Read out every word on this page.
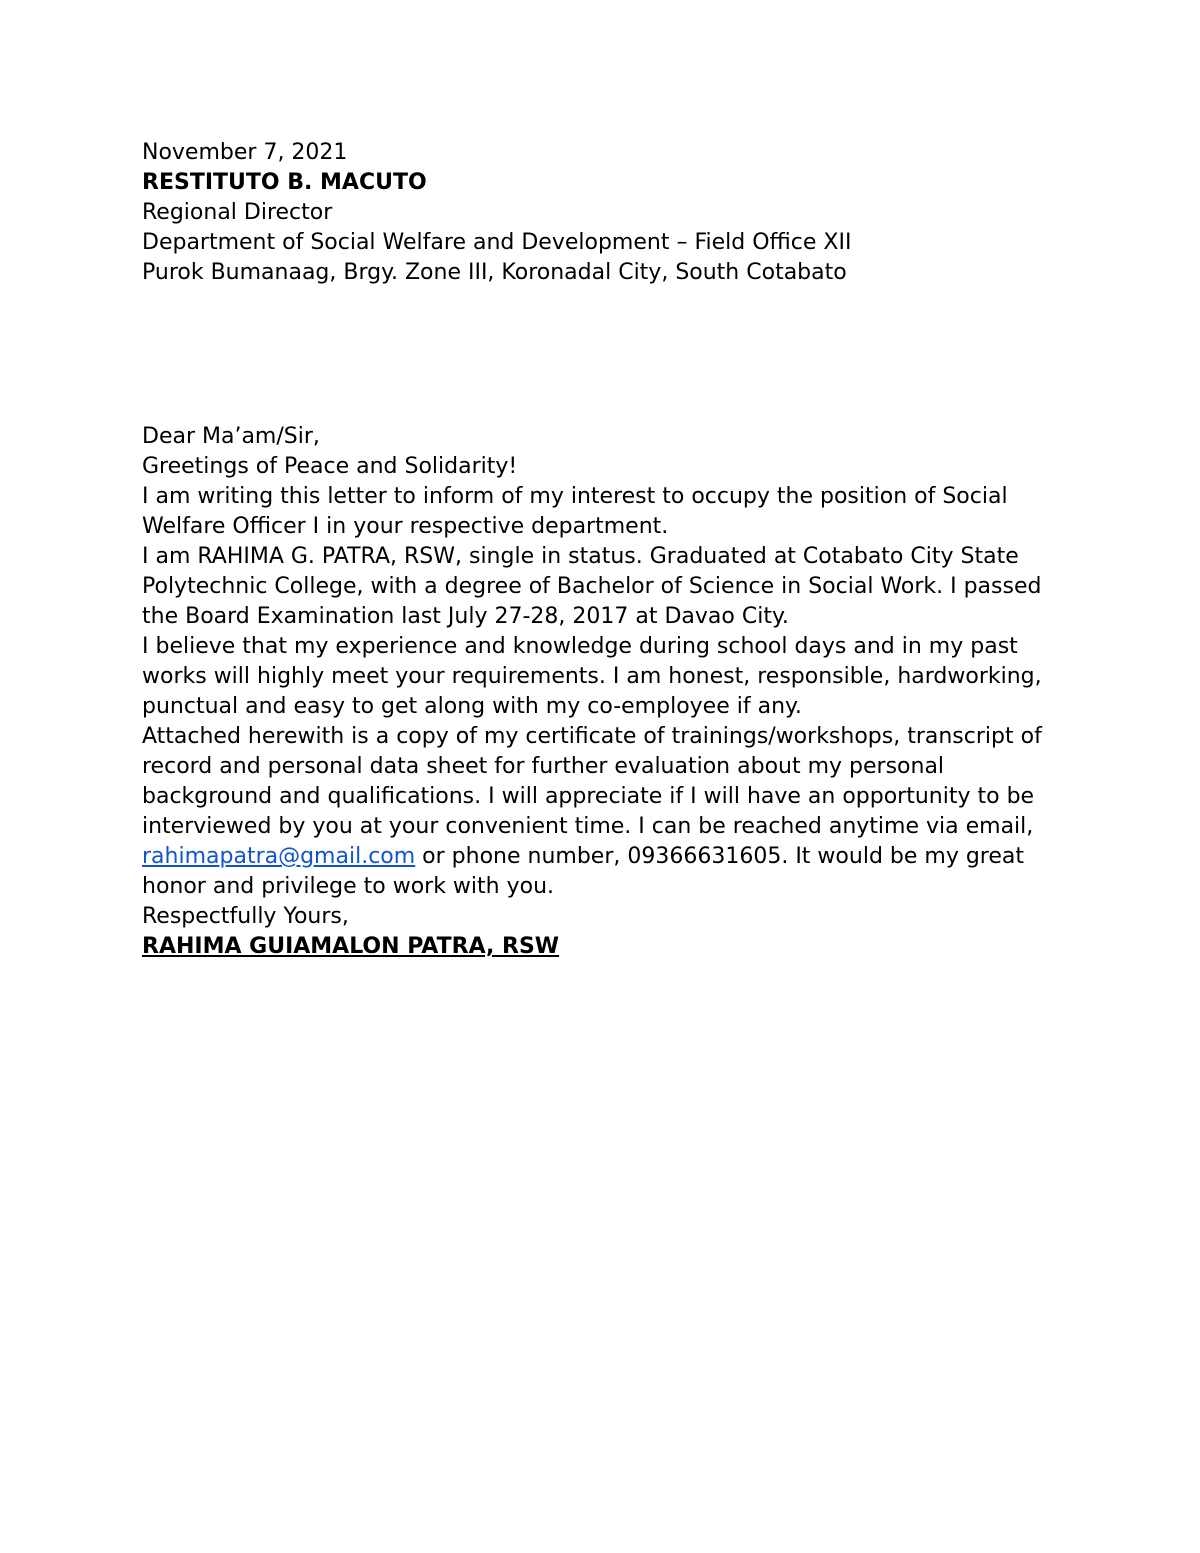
November 7, 2021

RESTITUTO B. MACUTO

Regional Director

Department of Social Welfare and Development – Field Office XII

Purok Bumanaag, Brgy. Zone III, Koronadal City, South Cotabato

Dear Ma’am/Sir,

Greetings of Peace and Solidarity!

I am writing this letter to inform of my interest to occupy the position of Social Welfare Officer I in your respective department.

I am RAHIMA G. PATRA, RSW, single in status. Graduated at Cotabato City State Polytechnic College, with a degree of Bachelor of Science in Social Work. I passed the Board Examination last July 27-28, 2017 at Davao City.

I believe that my experience and knowledge during school days and in my past works will highly meet your requirements. I am honest, responsible, hardworking, punctual and easy to get along with my co-employee if any.

Attached herewith is a copy of my certificate of trainings/workshops, transcript of record and personal data sheet for further evaluation about my personal background and qualifications. I will appreciate if I will have an opportunity to be interviewed by you at your convenient time. I can be reached anytime via email, rahimapatra@gmail.com or phone number, 09366631605. It would be my great honor and privilege to work with you.

Respectfully Yours,

RAHIMA GUIAMALON PATRA, RSW
